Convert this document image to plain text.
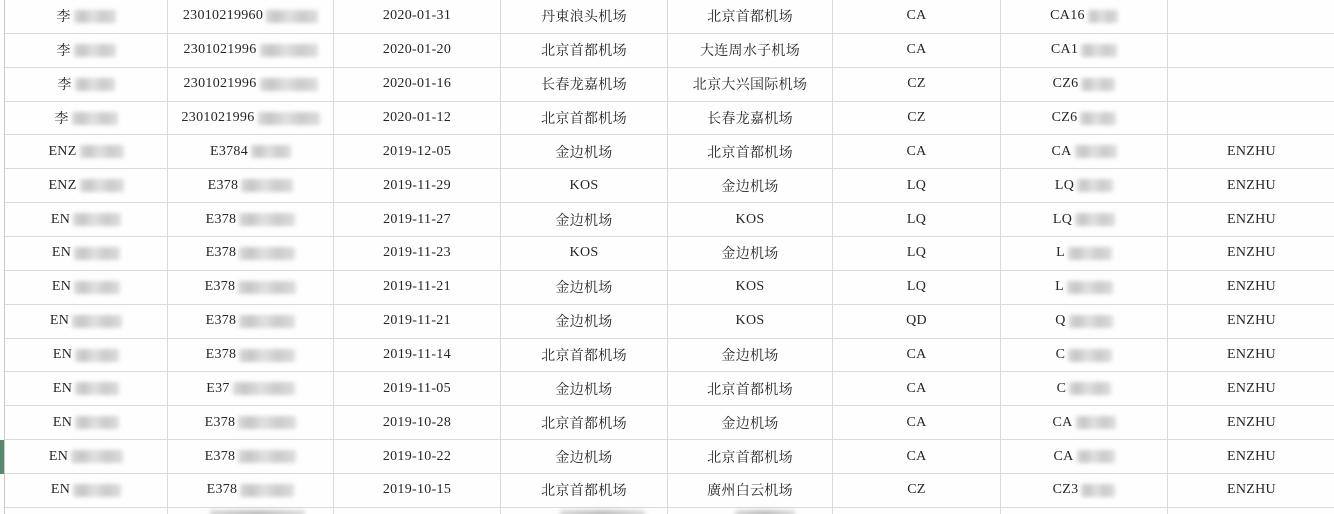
李	23010219960	2020-01-31	丹東浪头机场	北京首都机场	CA	CA16
李	2301021996	2020-01-20	北京首都机场	大连周水子机场	CA	CA1
李	2301021996	2020-01-16	长春龙嘉机场	北京大兴国际机场	CZ	CZ6
李	2301021996	2020-01-12	北京首都机场	长春龙嘉机场	CZ	CZ6
ENZ	E3784	2019-12-05	金边机场	北京首都机场	CA	CA	ENZHU
ENZ	E378	2019-11-29	KOS	金边机场	LQ	LQ	ENZHU
EN	E378	2019-11-27	金边机场	KOS	LQ	LQ	ENZHU
EN	E378	2019-11-23	KOS	金边机场	LQ	L	ENZHU
EN	E378	2019-11-21	金边机场	KOS	LQ	L	ENZHU
EN	E378	2019-11-21	金边机场	KOS	QD	Q	ENZHU
EN	E378	2019-11-14	北京首都机场	金边机场	CA	C	ENZHU
EN	E37	2019-11-05	金边机场	北京首都机场	CA	C	ENZHU
EN	E378	2019-10-28	北京首都机场	金边机场	CA	CA	ENZHU
EN	E378	2019-10-22	金边机场	北京首都机场	CA	CA	ENZHU
EN	E378	2019-10-15	北京首都机场	廣州白云机场	CZ	CZ3	ENZHU
